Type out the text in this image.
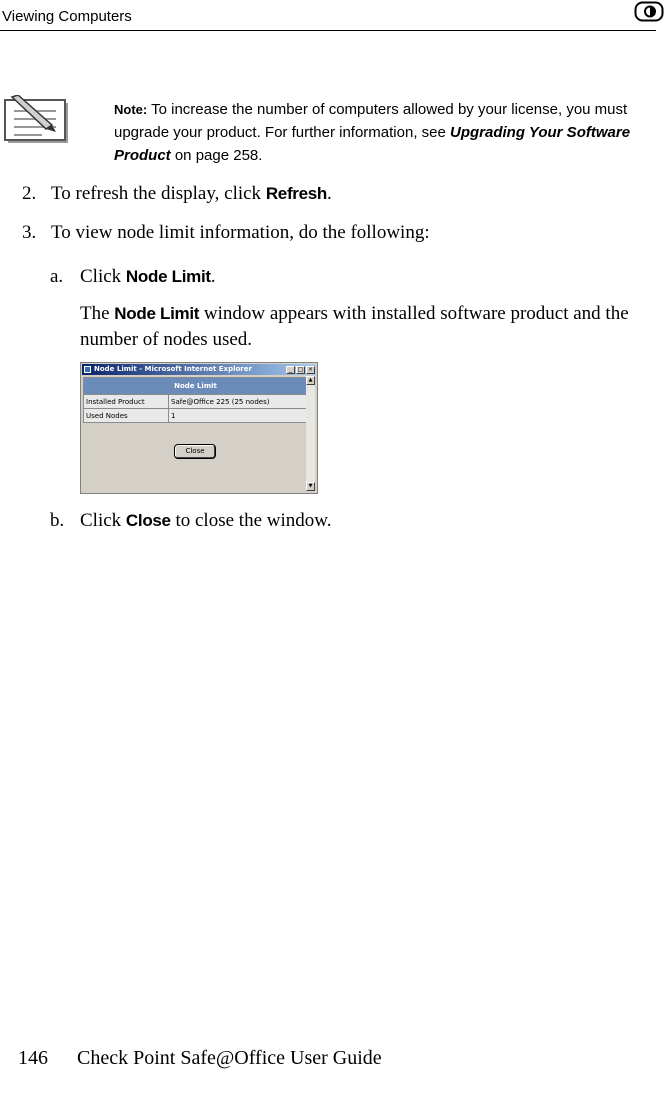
Viewing Computers
Note: To increase the number of computers allowed by your license, you must upgrade your product. For further information, see Upgrading Your Software Product on page 258.
2. To refresh the display, click Refresh.
3. To view node limit information, do the following:
a. Click Node Limit.
The Node Limit window appears with installed software product and the number of nodes used.
Node Limit - Microsoft Internet Explorer	_ □ ×
Node Limit	
Installed Product	Safe@Office 225 (25 nodes)
Used Nodes	1
Close
▲
▼
b. Click Close to close the window.
146 Check Point Safe@Office User Guide
